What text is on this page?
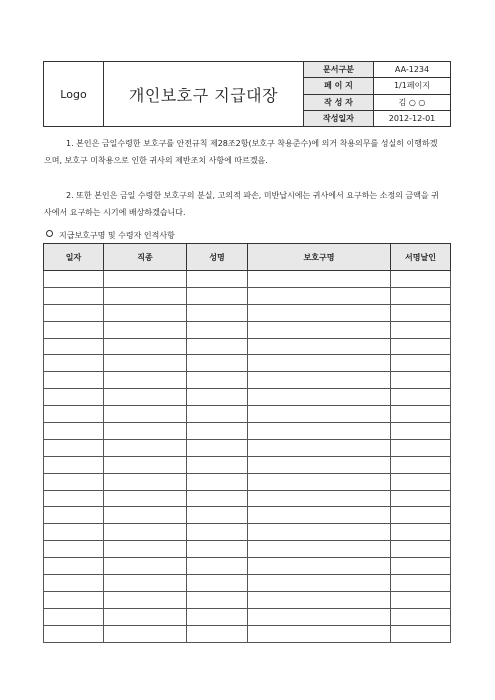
Logo	개인보호구 지급대장	문서구분	AA-1234
		페 이 지	1/1페이지
		작 성 자	김 ○ ○
		작성일자	2012-12-01

1. 본인은 금일수령한 보호구를 안전규칙 제28조2항(보호구 착용준수)에 의거 착용의무를 성실히 이행하겠으며, 보호구 미착용으로 인한 귀사의 제반조치 사항에 따르겠음.

2. 또한 본인은 금일 수령한 보호구의 분실, 고의적 파손, 미반납시에는 귀사에서 요구하는 소정의 금액을 귀사에서 요구하는 시기에 배상하겠습니다.

지급보호구명 및 수령자 인적사항
일자	직종	성명	보호구명	서명날인
